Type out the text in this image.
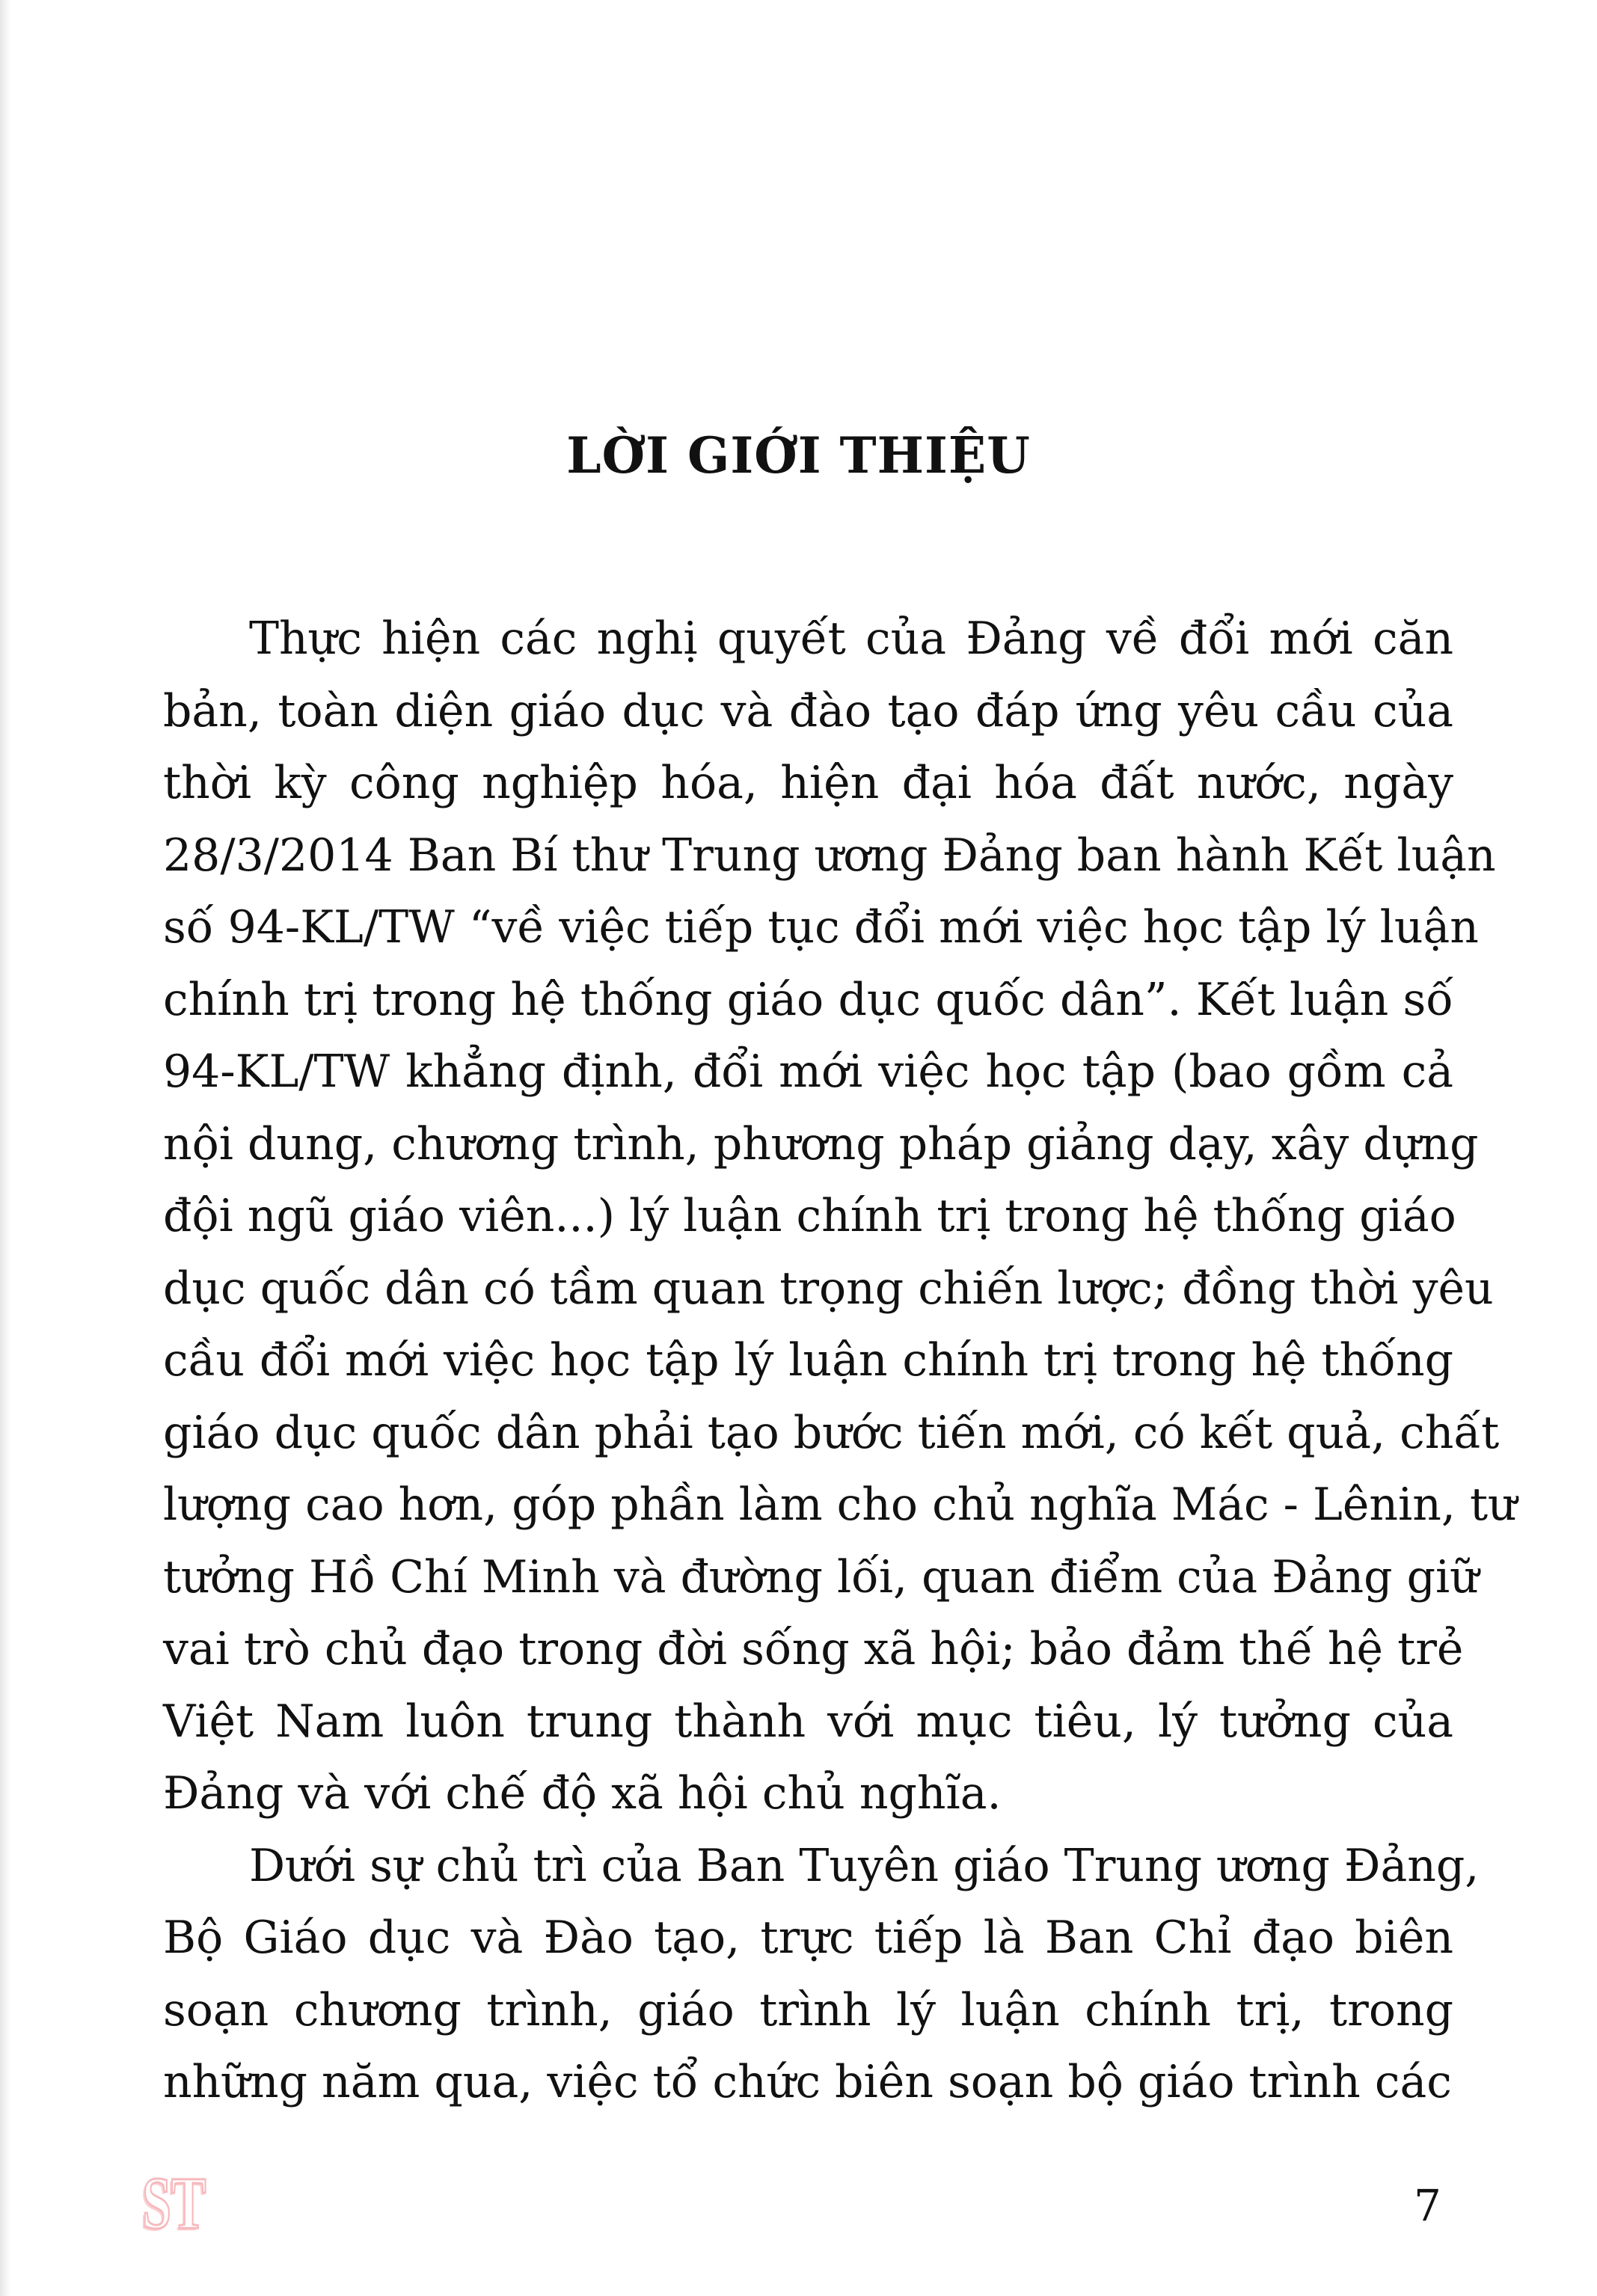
LỜI GIỚI THIỆU
Thực hiện các nghị quyết của Đảng về đổi mới căn
bản, toàn diện giáo dục và đào tạo đáp ứng yêu cầu của
thời kỳ công nghiệp hóa, hiện đại hóa đất nước, ngày
28/3/2014 Ban Bí thư Trung ương Đảng ban hành Kết luận
số 94-KL/TW “về việc tiếp tục đổi mới việc học tập lý luận
chính trị trong hệ thống giáo dục quốc dân”. Kết luận số
94-KL/TW khẳng định, đổi mới việc học tập (bao gồm cả
nội dung, chương trình, phương pháp giảng dạy, xây dựng
đội ngũ giáo viên...) lý luận chính trị trong hệ thống giáo
dục quốc dân có tầm quan trọng chiến lược; đồng thời yêu
cầu đổi mới việc học tập lý luận chính trị trong hệ thống
giáo dục quốc dân phải tạo bước tiến mới, có kết quả, chất
lượng cao hơn, góp phần làm cho chủ nghĩa Mác - Lênin, tư
tưởng Hồ Chí Minh và đường lối, quan điểm của Đảng giữ
vai trò chủ đạo trong đời sống xã hội; bảo đảm thế hệ trẻ
Việt Nam luôn trung thành với mục tiêu, lý tưởng của
Đảng và với chế độ xã hội chủ nghĩa.
Dưới sự chủ trì của Ban Tuyên giáo Trung ương Đảng,
Bộ Giáo dục và Đào tạo, trực tiếp là Ban Chỉ đạo biên
soạn chương trình, giáo trình lý luận chính trị, trong
những năm qua, việc tổ chức biên soạn bộ giáo trình các
ST	7
